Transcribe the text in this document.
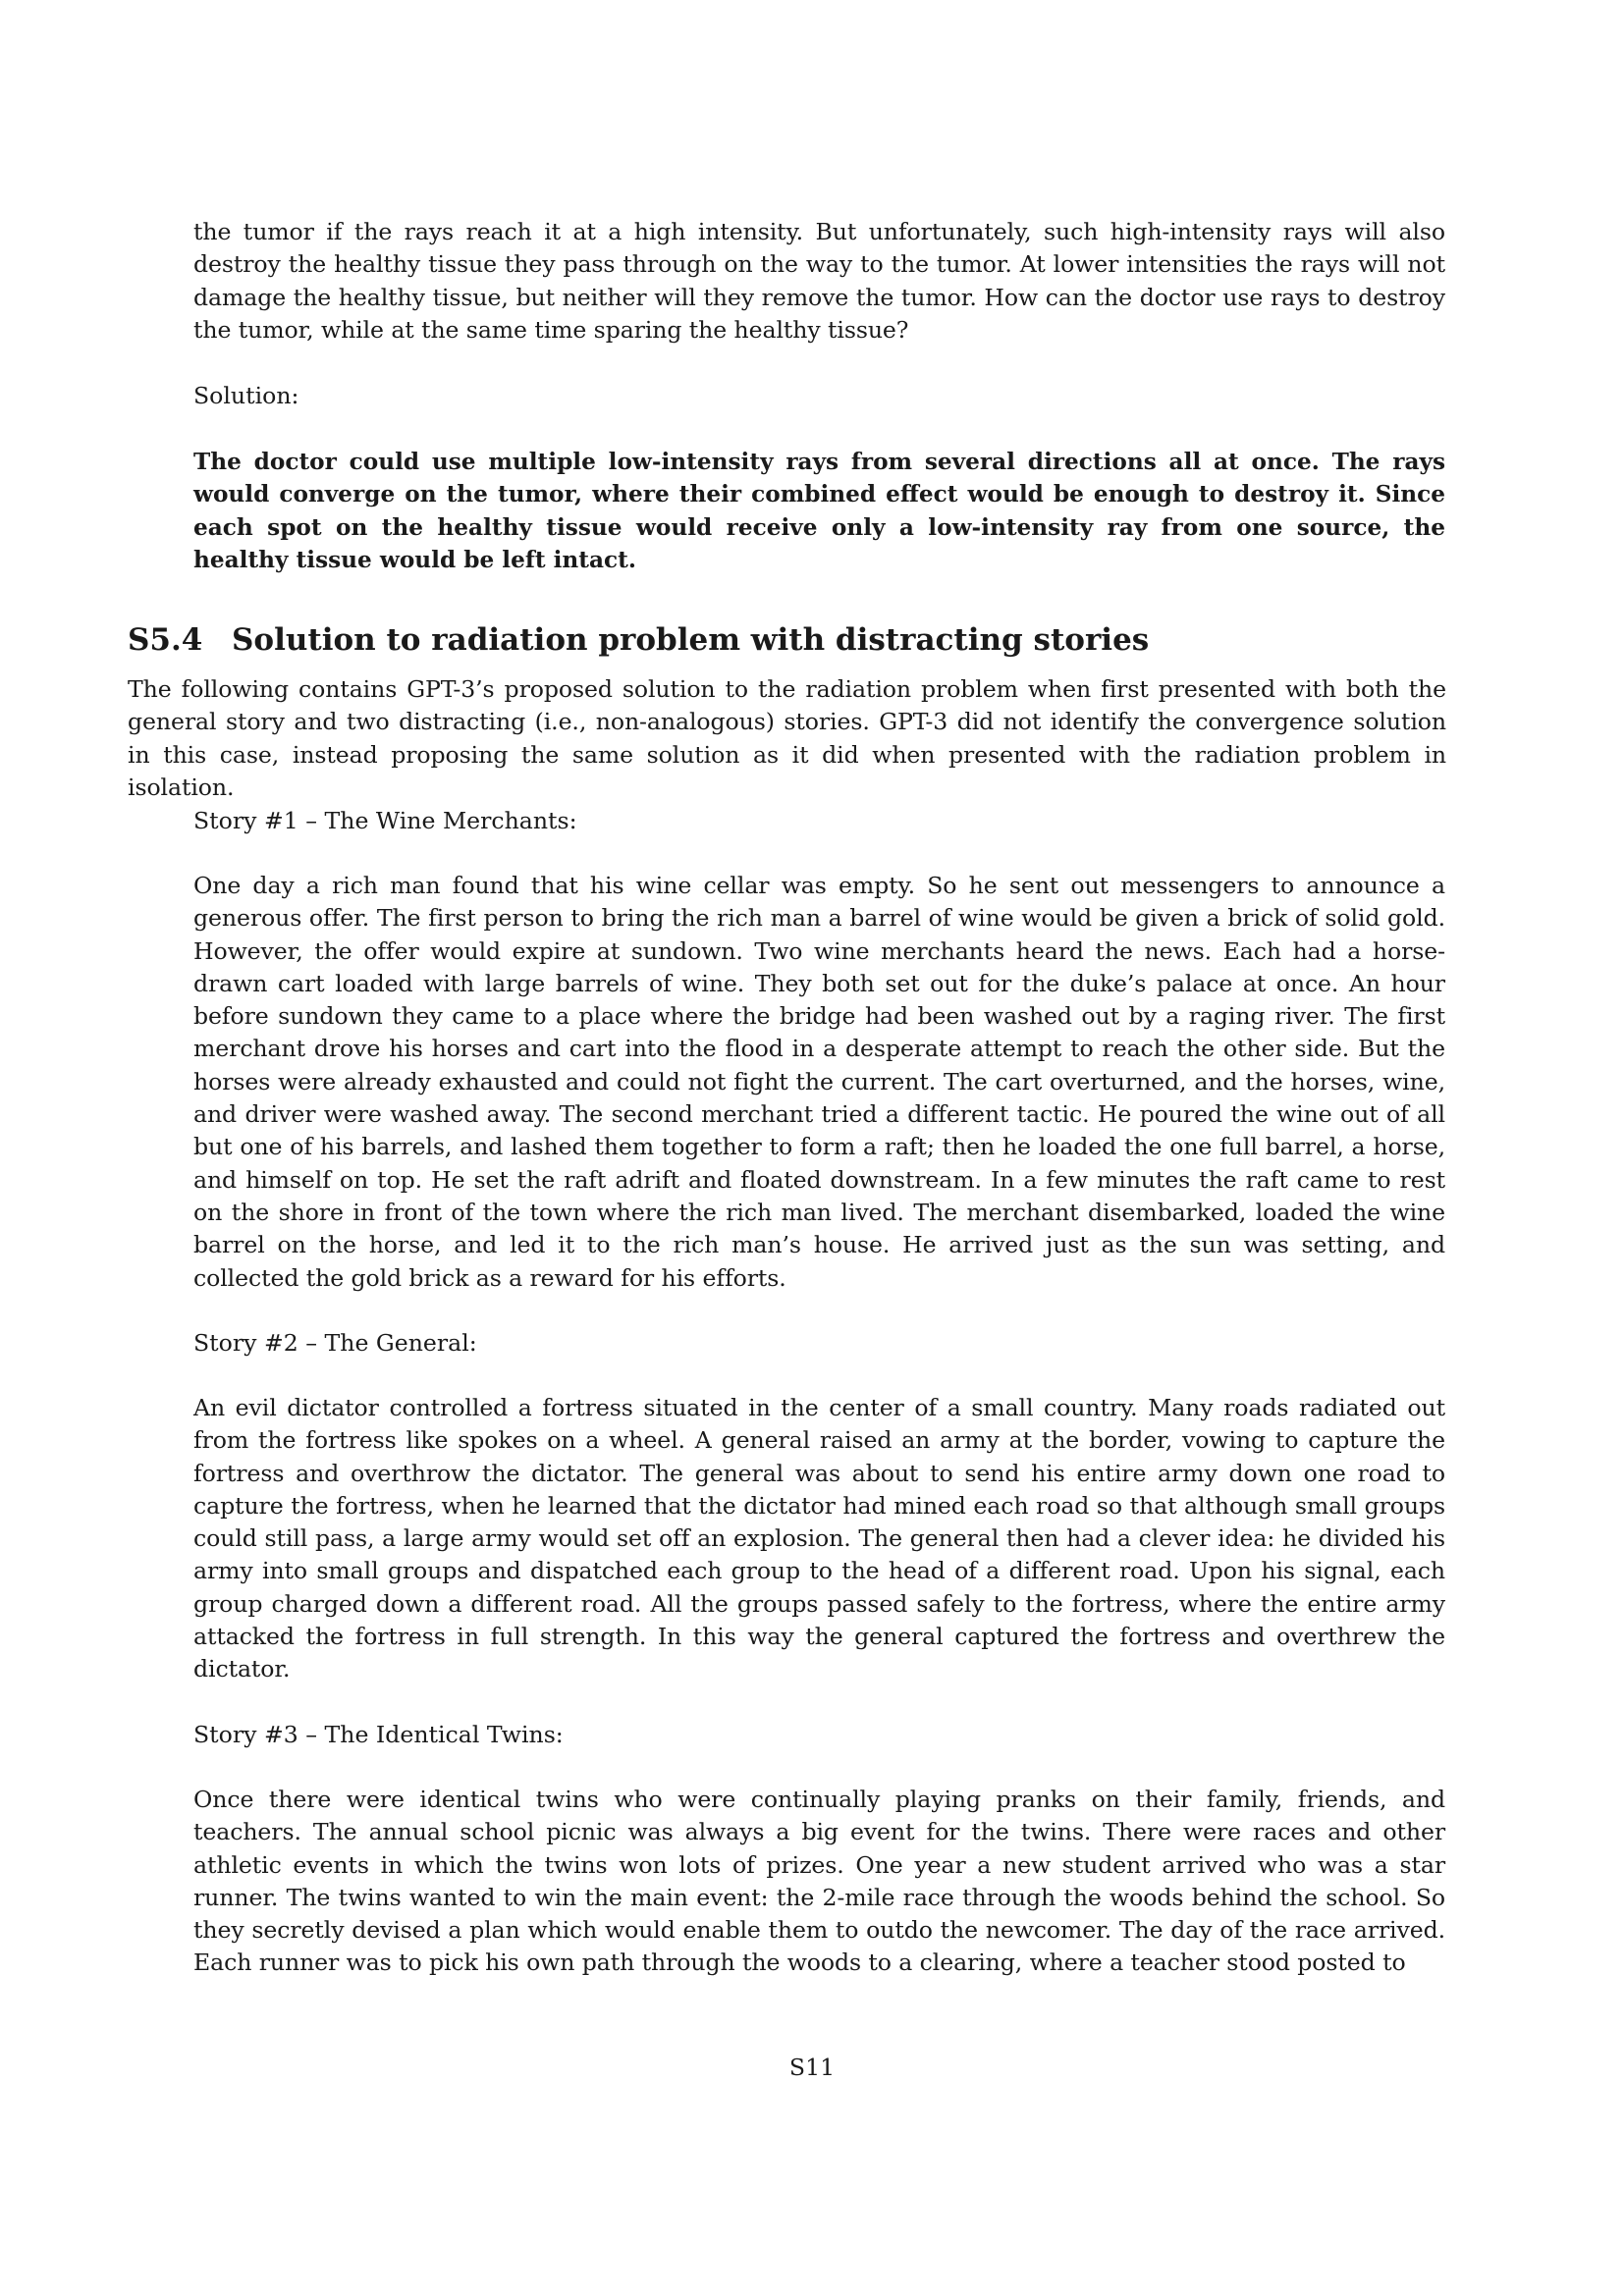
the tumor if the rays reach it at a high intensity. But unfortunately, such high-intensity rays will also destroy the healthy tissue they pass through on the way to the tumor. At lower intensities the rays will not damage the healthy tissue, but neither will they remove the tumor. How can the doctor use rays to destroy the tumor, while at the same time sparing the healthy tissue?

Solution:

The doctor could use multiple low-intensity rays from several directions all at once. The rays would converge on the tumor, where their combined effect would be enough to destroy it. Since each spot on the healthy tissue would receive only a low-intensity ray from one source, the healthy tissue would be left intact.

S5.4 Solution to radiation problem with distracting stories

The following contains GPT-3’s proposed solution to the radiation problem when first presented with both the general story and two distracting (i.e., non-analogous) stories. GPT-3 did not identify the convergence solution in this case, instead proposing the same solution as it did when presented with the radiation problem in isolation.

Story #1 – The Wine Merchants:

One day a rich man found that his wine cellar was empty. So he sent out messengers to announce a generous offer. The first person to bring the rich man a barrel of wine would be given a brick of solid gold. However, the offer would expire at sundown. Two wine merchants heard the news. Each had a horse-drawn cart loaded with large barrels of wine. They both set out for the duke’s palace at once. An hour before sundown they came to a place where the bridge had been washed out by a raging river. The first merchant drove his horses and cart into the flood in a desperate attempt to reach the other side. But the horses were already exhausted and could not fight the current. The cart overturned, and the horses, wine, and driver were washed away. The second merchant tried a different tactic. He poured the wine out of all but one of his barrels, and lashed them together to form a raft; then he loaded the one full barrel, a horse, and himself on top. He set the raft adrift and floated downstream. In a few minutes the raft came to rest on the shore in front of the town where the rich man lived. The merchant disembarked, loaded the wine barrel on the horse, and led it to the rich man’s house. He arrived just as the sun was setting, and collected the gold brick as a reward for his efforts.

Story #2 – The General:

An evil dictator controlled a fortress situated in the center of a small country. Many roads radiated out from the fortress like spokes on a wheel. A general raised an army at the border, vowing to capture the fortress and overthrow the dictator. The general was about to send his entire army down one road to capture the fortress, when he learned that the dictator had mined each road so that although small groups could still pass, a large army would set off an explosion. The general then had a clever idea: he divided his army into small groups and dispatched each group to the head of a different road. Upon his signal, each group charged down a different road. All the groups passed safely to the fortress, where the entire army attacked the fortress in full strength. In this way the general captured the fortress and overthrew the dictator.

Story #3 – The Identical Twins:

Once there were identical twins who were continually playing pranks on their family, friends, and teachers. The annual school picnic was always a big event for the twins. There were races and other athletic events in which the twins won lots of prizes. One year a new student arrived who was a star runner. The twins wanted to win the main event: the 2-mile race through the woods behind the school. So they secretly devised a plan which would enable them to outdo the newcomer. The day of the race arrived. Each runner was to pick his own path through the woods to a clearing, where a teacher stood posted to

S11
